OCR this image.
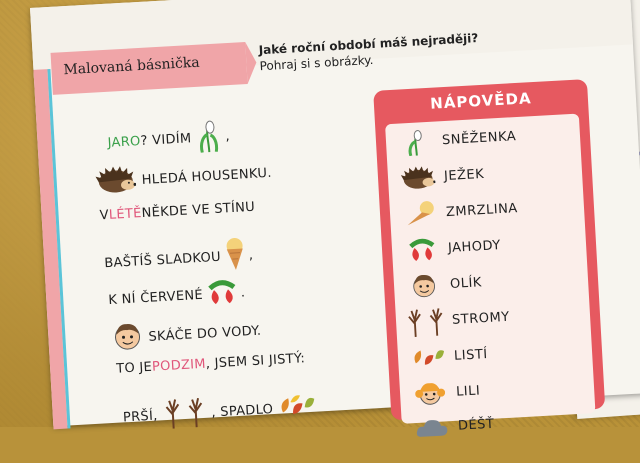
Malovaná básnička
Jaké roční období máš nejraději?
Pohraj si s obrázky.
JARO ? VIDÍM	,
HLEDÁ HOUSENKU.
V LÉTĚ NĚKDE VE STÍNU
BAŠTÍŠ SLADKOU ,
K NÍ ČERVENÉ	.
SKÁČE DO VODY.
TO JE PODZIM , JSEM SI JISTÝ:
PRŠÍ,	, SPADLO
NÁPOVĚDA
SNĚŽENKA
JEŽEK
ZMRZLINA
JAHODY
OLÍK
STROMY
LISTÍ
LILI
DÉŠŤ
